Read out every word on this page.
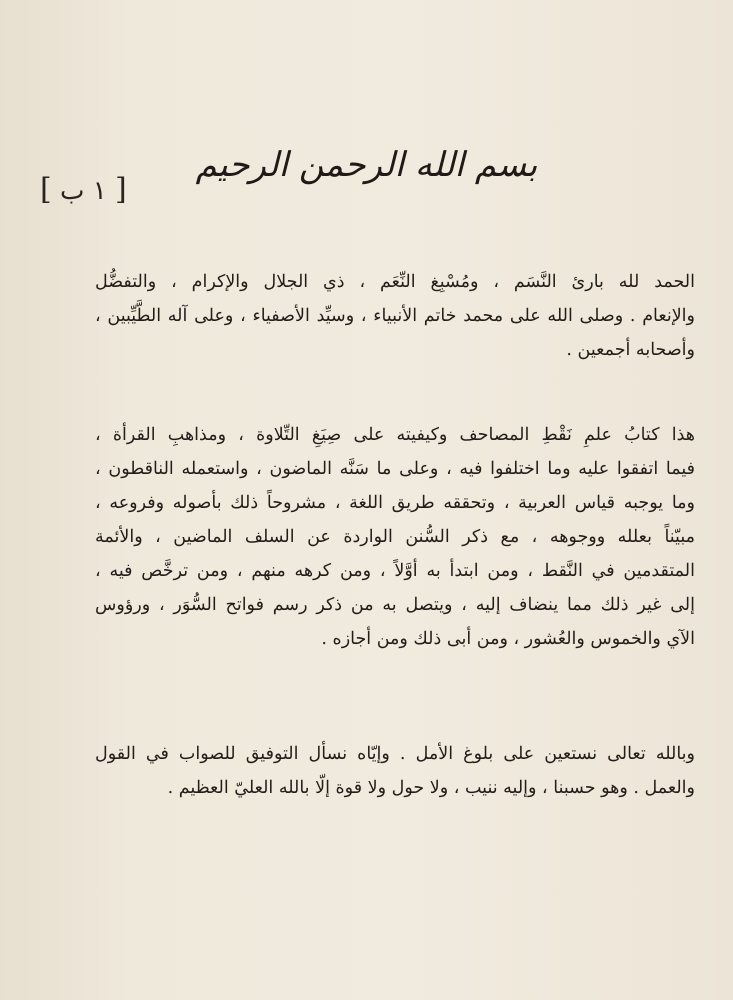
[ ١ ب ]
بسم الله الرحمن الرحيم
الحمد لله بارئ النَّسَم ، ومُسْبِغ النِّعَم ، ذي الجلال والإكرام ، والتفضُّل
والإنعام . وصلى الله على محمد خاتم الأنبياء ، وسيِّد الأصفياء ، وعلى آله الطَّيِّبين ،
وأصحابه أجمعين .
هذا كتابُ علمِ نَقْطِ المصاحف وكيفيته على صِيَغِ التِّلاوة ، ومذاهبِ القرأة ،
فيما اتفقوا عليه وما اختلفوا فيه ، وعلى ما سَنَّه الماضون ، واستعمله الناقطون ،
وما يوجبه قياس العربية ، وتحققه طريق اللغة ، مشروحاً ذلك بأصوله وفروعه ،
مبيّناً بعلله ووجوهه ، مع ذكر السُّنن الواردة عن السلف الماضين ، والأئمة
المتقدمين في النَّقط ، ومن ابتدأ به أوَّلاً ، ومن كرهه منهم ، ومن ترخَّص فيه ،
إلى غير ذلك مما ينضاف إليه ، ويتصل به من ذكر رسم فواتح السُّوَر ، ورؤوس
الآي والخموس والعُشور ، ومن أبى ذلك ومن أجازه .
وبالله تعالى نستعين على بلوغ الأمل . وإيّاه نسأل التوفيق للصواب في القول
والعمل . وهو حسبنا ، وإليه ننيب ، ولا حول ولا قوة إلّا بالله العليّ العظيم .
